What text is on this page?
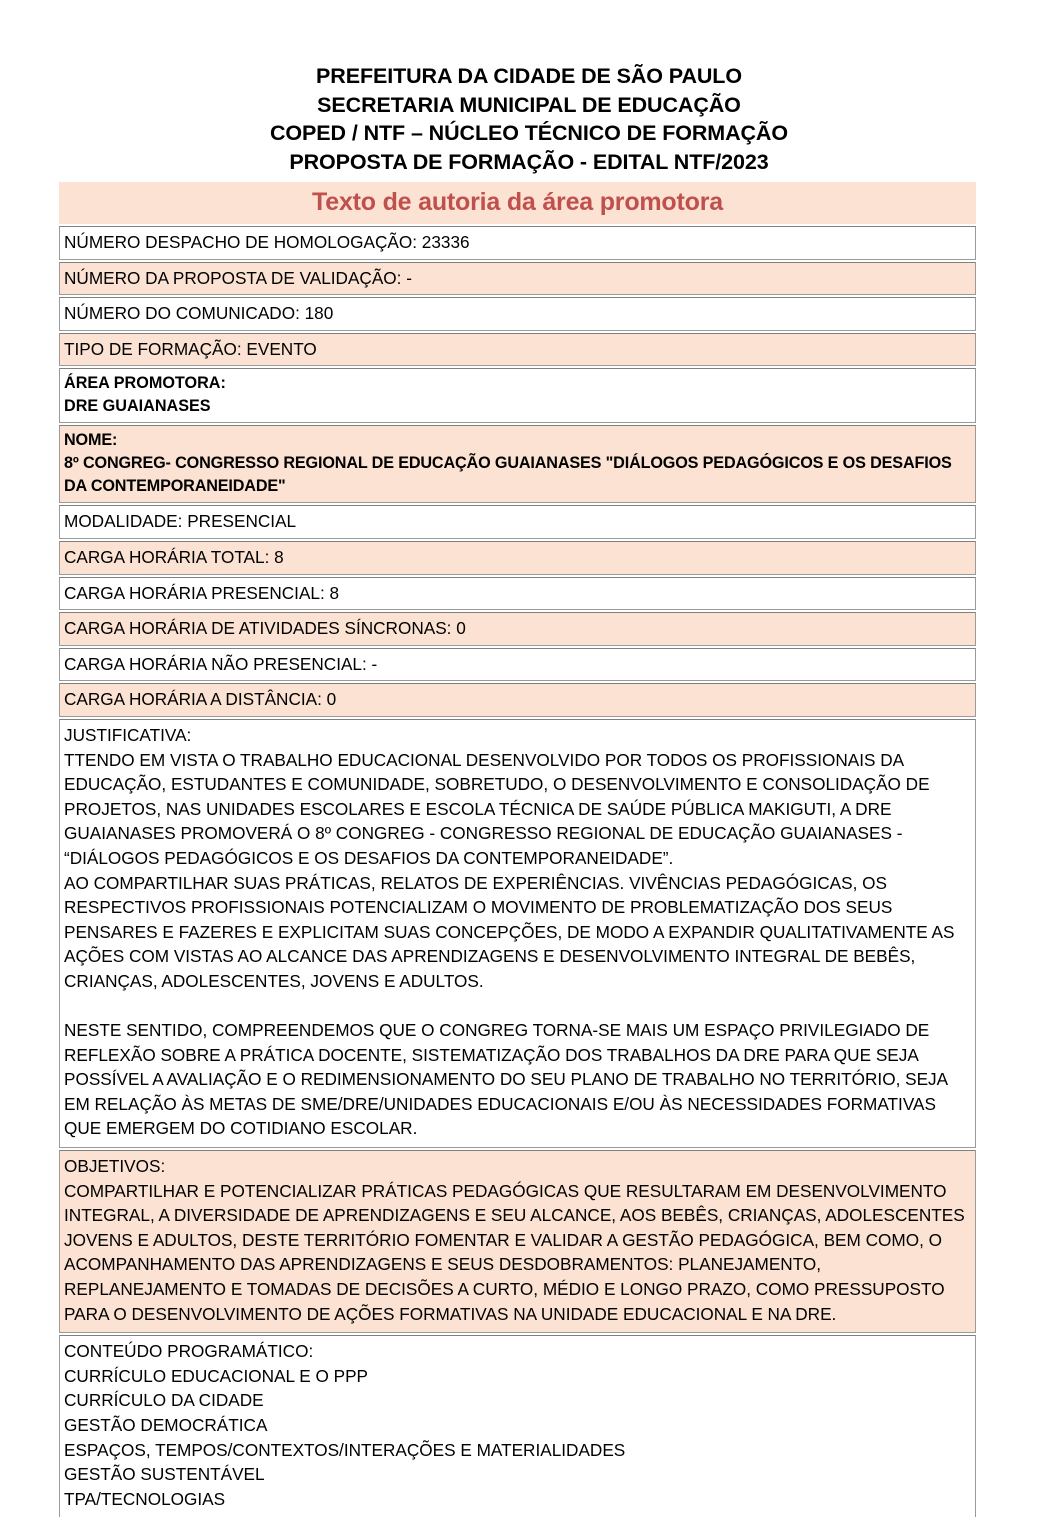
PREFEITURA DA CIDADE DE SÃO PAULO
SECRETARIA MUNICIPAL DE EDUCAÇÃO
COPED / NTF – NÚCLEO TÉCNICO DE FORMAÇÃO
PROPOSTA DE FORMAÇÃO - EDITAL NTF/2023
Texto de autoria da área promotora

NÚMERO DESPACHO DE HOMOLOGAÇÃO: 23336

NÚMERO DA PROPOSTA DE VALIDAÇÃO: -

NÚMERO DO COMUNICADO: 180

TIPO DE FORMAÇÃO: EVENTO

ÁREA PROMOTORA:

DRE GUAIANASES

NOME:

8º CONGREG- CONGRESSO REGIONAL DE EDUCAÇÃO GUAIANASES "DIÁLOGOS PEDAGÓGICOS E OS DESAFIOS DA CONTEMPORANEIDADE"

MODALIDADE: PRESENCIAL

CARGA HORÁRIA TOTAL: 8

CARGA HORÁRIA PRESENCIAL: 8

CARGA HORÁRIA DE ATIVIDADES SÍNCRONAS: 0

CARGA HORÁRIA NÃO PRESENCIAL: -

CARGA HORÁRIA A DISTÂNCIA: 0

JUSTIFICATIVA:

TTENDO EM VISTA O TRABALHO EDUCACIONAL DESENVOLVIDO POR TODOS OS PROFISSIONAIS DA EDUCAÇÃO, ESTUDANTES E COMUNIDADE, SOBRETUDO, O DESENVOLVIMENTO E CONSOLIDAÇÃO DE PROJETOS, NAS UNIDADES ESCOLARES E ESCOLA TÉCNICA DE SAÚDE PÚBLICA MAKIGUTI, A DRE GUAIANASES PROMOVERÁ O 8º CONGREG - CONGRESSO REGIONAL DE EDUCAÇÃO GUAIANASES - “DIÁLOGOS PEDAGÓGICOS E OS DESAFIOS DA CONTEMPORANEIDADE”.

AO COMPARTILHAR SUAS PRÁTICAS, RELATOS DE EXPERIÊNCIAS. VIVÊNCIAS PEDAGÓGICAS, OS RESPECTIVOS PROFISSIONAIS POTENCIALIZAM O MOVIMENTO DE PROBLEMATIZAÇÃO DOS SEUS PENSARES E FAZERES E EXPLICITAM SUAS CONCEPÇÕES, DE MODO A EXPANDIR QUALITATIVAMENTE AS AÇÕES COM VISTAS AO ALCANCE DAS APRENDIZAGENS E DESENVOLVIMENTO INTEGRAL DE BEBÊS, CRIANÇAS, ADOLESCENTES, JOVENS E ADULTOS.

NESTE SENTIDO, COMPREENDEMOS QUE O CONGREG TORNA-SE MAIS UM ESPAÇO PRIVILEGIADO DE REFLEXÃO SOBRE A PRÁTICA DOCENTE, SISTEMATIZAÇÃO DOS TRABALHOS DA DRE PARA QUE SEJA POSSÍVEL A AVALIAÇÃO E O REDIMENSIONAMENTO DO SEU PLANO DE TRABALHO NO TERRITÓRIO, SEJA EM RELAÇÃO ÀS METAS DE SME/DRE/UNIDADES EDUCACIONAIS E/OU ÀS NECESSIDADES FORMATIVAS QUE EMERGEM DO COTIDIANO ESCOLAR.

OBJETIVOS:

COMPARTILHAR E POTENCIALIZAR PRÁTICAS PEDAGÓGICAS QUE RESULTARAM EM DESENVOLVIMENTO INTEGRAL, A DIVERSIDADE DE APRENDIZAGENS E SEU ALCANCE, AOS BEBÊS, CRIANÇAS, ADOLESCENTES JOVENS E ADULTOS, DESTE TERRITÓRIO FOMENTAR E VALIDAR A GESTÃO PEDAGÓGICA, BEM COMO, O ACOMPANHAMENTO DAS APRENDIZAGENS E SEUS DESDOBRAMENTOS: PLANEJAMENTO, REPLANEJAMENTO E TOMADAS DE DECISÕES A CURTO, MÉDIO E LONGO PRAZO, COMO PRESSUPOSTO PARA O DESENVOLVIMENTO DE AÇÕES FORMATIVAS NA UNIDADE EDUCACIONAL E NA DRE.

CONTEÚDO PROGRAMÁTICO:

CURRÍCULO EDUCACIONAL E O PPP

CURRÍCULO DA CIDADE

GESTÃO DEMOCRÁTICA

ESPAÇOS, TEMPOS/CONTEXTOS/INTERAÇÕES E MATERIALIDADES

GESTÃO SUSTENTÁVEL

TPA/TECNOLOGIAS
